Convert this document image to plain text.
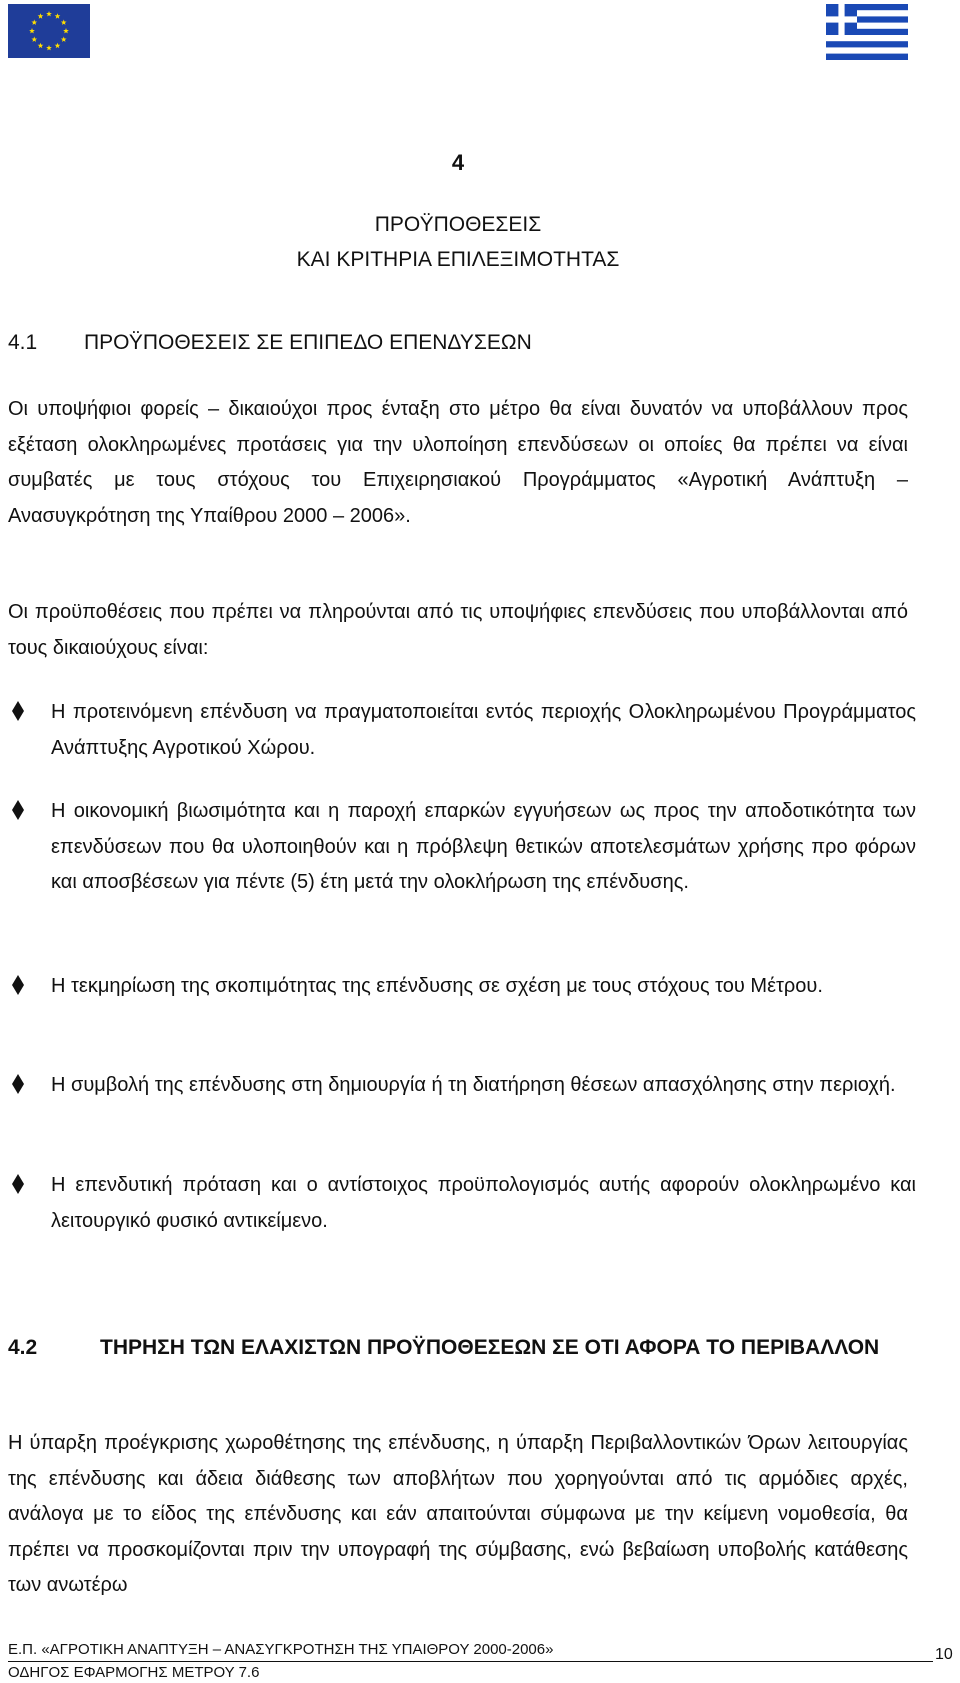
4
ΠΡΟΫΠΟΘΕΣΕΙΣ
ΚΑΙ ΚΡΙΤΗΡΙΑ ΕΠΙΛΕΞΙΜΟΤΗΤΑΣ
4.1 ΠΡΟΫΠΟΘΕΣΕΙΣ ΣΕ ΕΠΙΠΕΔΟ ΕΠΕΝΔΥΣΕΩΝ

Οι υποψήφιοι φορείς – δικαιούχοι προς ένταξη στο μέτρο θα είναι δυνατόν να υποβάλλουν προς εξέταση ολοκληρωμένες προτάσεις για την υλοποίηση επενδύσεων οι οποίες θα πρέπει να είναι συμβατές με τους στόχους του Επιχειρησιακού Προγράμματος «Αγροτική Ανάπτυξη – Ανασυγκρότηση της Υπαίθρου 2000 – 2006».

Οι προϋποθέσεις που πρέπει να πληρούνται από τις υποψήφιες επενδύσεις που υποβάλλονται από τους δικαιούχους είναι:

Η προτεινόμενη επένδυση να πραγματοποιείται εντός περιοχής Ολοκληρωμένου Προγράμματος Ανάπτυξης Αγροτικού Χώρου.

Η οικονομική βιωσιμότητα και η παροχή επαρκών εγγυήσεων ως προς την αποδοτικότητα των επενδύσεων που θα υλοποιηθούν και η πρόβλεψη θετικών αποτελεσμάτων χρήσης προ φόρων και αποσβέσεων για πέντε (5) έτη μετά την ολοκλήρωση της επένδυσης.

Η τεκμηρίωση της σκοπιμότητας της επένδυσης σε σχέση με τους στόχους του Μέτρου.

Η συμβολή της επένδυσης στη δημιουργία ή τη διατήρηση θέσεων απασχόλησης στην περιοχή.

Η επενδυτική πρόταση και ο αντίστοιχος προϋπολογισμός αυτής αφορούν ολοκληρωμένο και λειτουργικό φυσικό αντικείμενο.

4.2	ΤΗΡΗΣΗ ΤΩΝ ΕΛΑΧΙΣΤΩΝ ΠΡΟΫΠΟΘΕΣΕΩΝ ΣΕ ΟΤΙ ΑΦΟΡΑ ΤΟ ΠΕΡΙΒΑΛΛΟΝ

Η ύπαρξη προέγκρισης χωροθέτησης της επένδυσης, η ύπαρξη Περιβαλλοντικών Όρων λειτουργίας της επένδυσης και άδεια διάθεσης των αποβλήτων που χορηγούνται από τις αρμόδιες αρχές, ανάλογα με το είδος της επένδυσης και εάν απαιτούνται σύμφωνα με την κείμενη νομοθεσία, θα πρέπει να προσκομίζονται πριν την υπογραφή της σύμβασης, ενώ βεβαίωση υποβολής κατάθεσης των ανωτέρω

Ε.Π. «ΑΓΡΟΤΙΚΗ ΑΝΑΠΤΥΞΗ – ΑΝΑΣΥΓΚΡΟΤΗΣΗ ΤΗΣ ΥΠΑΙΘΡΟΥ 2000-2006»
ΟΔΗΓΟΣ ΕΦΑΡΜΟΓΗΣ ΜΕΤΡΟΥ 7.6
10
